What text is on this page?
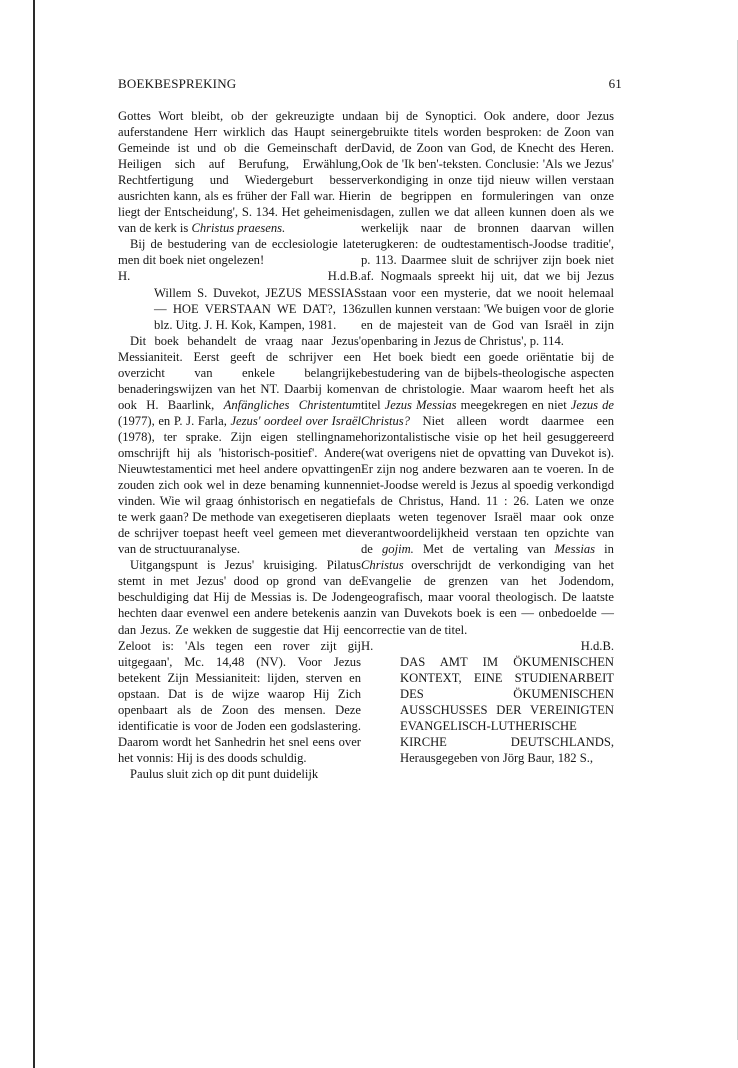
BOEKBESPREKING	61

Gottes Wort bleibt, ob der gekreuzigte und auferstandene Herr wirklich das Haupt seiner Gemeinde ist und ob die Gemeinschaft der Heiligen sich auf Berufung, Erwählung, Rechtfertigung und Wiedergeburt besser ausrichten kann, als es früher der Fall war. Hier liegt der Entscheidung', S. 134. Het geheimenis van de kerk is Christus praesens.

Bij de bestudering van de ecclesiologie late men dit boek niet ongelezen!

H.	H.d.B.

Willem S. Duvekot, JEZUS MESSIAS — HOE VERSTAAN WE DAT?, 136 blz. Uitg. J. H. Kok, Kampen, 1981.

Dit boek behandelt de vraag naar Jezus' Messianiteit. Eerst geeft de schrijver een overzicht van enkele belangrijke benaderingswijzen van het NT. Daarbij komen ook H. Baarlink, Anfängliches Christentum (1977), en P. J. Farla, Jezus' oordeel over Israël (1978), ter sprake. Zijn eigen stellingname omschrijft hij als 'historisch-positief'. Andere Nieuwtestamentici met heel andere opvattingen zouden zich ook wel in deze benaming kunnen vinden. Wie wil graag ónhistorisch en negatief te werk gaan? De methode van exegetiseren die de schrijver toepast heeft veel gemeen met die van de structuuranalyse.

Uitgangspunt is Jezus' kruisiging. Pilatus stemt in met Jezus' dood op grond van de beschuldiging dat Hij de Messias is. De Joden hechten daar evenwel een andere betekenis aan dan Jezus. Ze wekken de suggestie dat Hij een Zeloot is: 'Als tegen een rover zijt gij uitgegaan', Mc. 14,48 (NV). Voor Jezus betekent Zijn Messianiteit: lijden, sterven en opstaan. Dat is de wijze waarop Hij Zich openbaart als de Zoon des mensen. Deze identificatie is voor de Joden een godslastering. Daarom wordt het Sanhedrin het snel eens over het vonnis: Hij is des doods schuldig.

Paulus sluit zich op dit punt duidelijk

aan bij de Synoptici. Ook andere, door Jezus gebruikte titels worden besproken: de Zoon van David, de Zoon van God, de Knecht des Heren. Ook de 'Ik ben'-teksten. Conclusie: 'Als we Jezus' verkondiging in onze tijd nieuw willen verstaan in de begrippen en formuleringen van onze dagen, zullen we dat alleen kunnen doen als we werkelijk naar de bronnen daarvan willen terugkeren: de oudtestamentisch-Joodse traditie', p. 113. Daarmee sluit de schrijver zijn boek niet af. Nogmaals spreekt hij uit, dat we bij Jezus staan voor een mysterie, dat we nooit helemaal zullen kunnen verstaan: 'We buigen voor de glorie en de majesteit van de God van Israël in zijn openbaring in Jezus de Christus', p. 114.

Het boek biedt een goede oriëntatie bij de bestudering van de bijbels-theologische aspecten van de christologie. Maar waarom heeft het als titel Jezus Messias meegekregen en niet Jezus de Christus? Niet alleen wordt daarmee een horizontalistische visie op het heil gesuggereerd (wat overigens niet de opvatting van Duvekot is). Er zijn nog andere bezwaren aan te voeren. In de niet-Joodse wereld is Jezus al spoedig verkondigd als de Christus, Hand. 11 : 26. Laten we onze plaats weten tegenover Israël maar ook onze verantwoordelijkheid verstaan ten opzichte van de gojim. Met de vertaling van Messias in Christus overschrijdt de verkondiging van het Evangelie de grenzen van het Jodendom, geografisch, maar vooral theologisch. De laatste zin van Duvekots boek is een — onbedoelde — correctie van de titel.

H.	H.d.B.

DAS AMT IM ÖKUMENISCHEN KONTEXT, EINE STUDIENARBEIT DES ÖKUMENISCHEN AUSSCHUSSES DER VEREINIGTEN EVANGELISCH-LUTHERISCHE KIRCHE DEUTSCHLANDS, Herausgegeben von Jörg Baur, 182 S.,
